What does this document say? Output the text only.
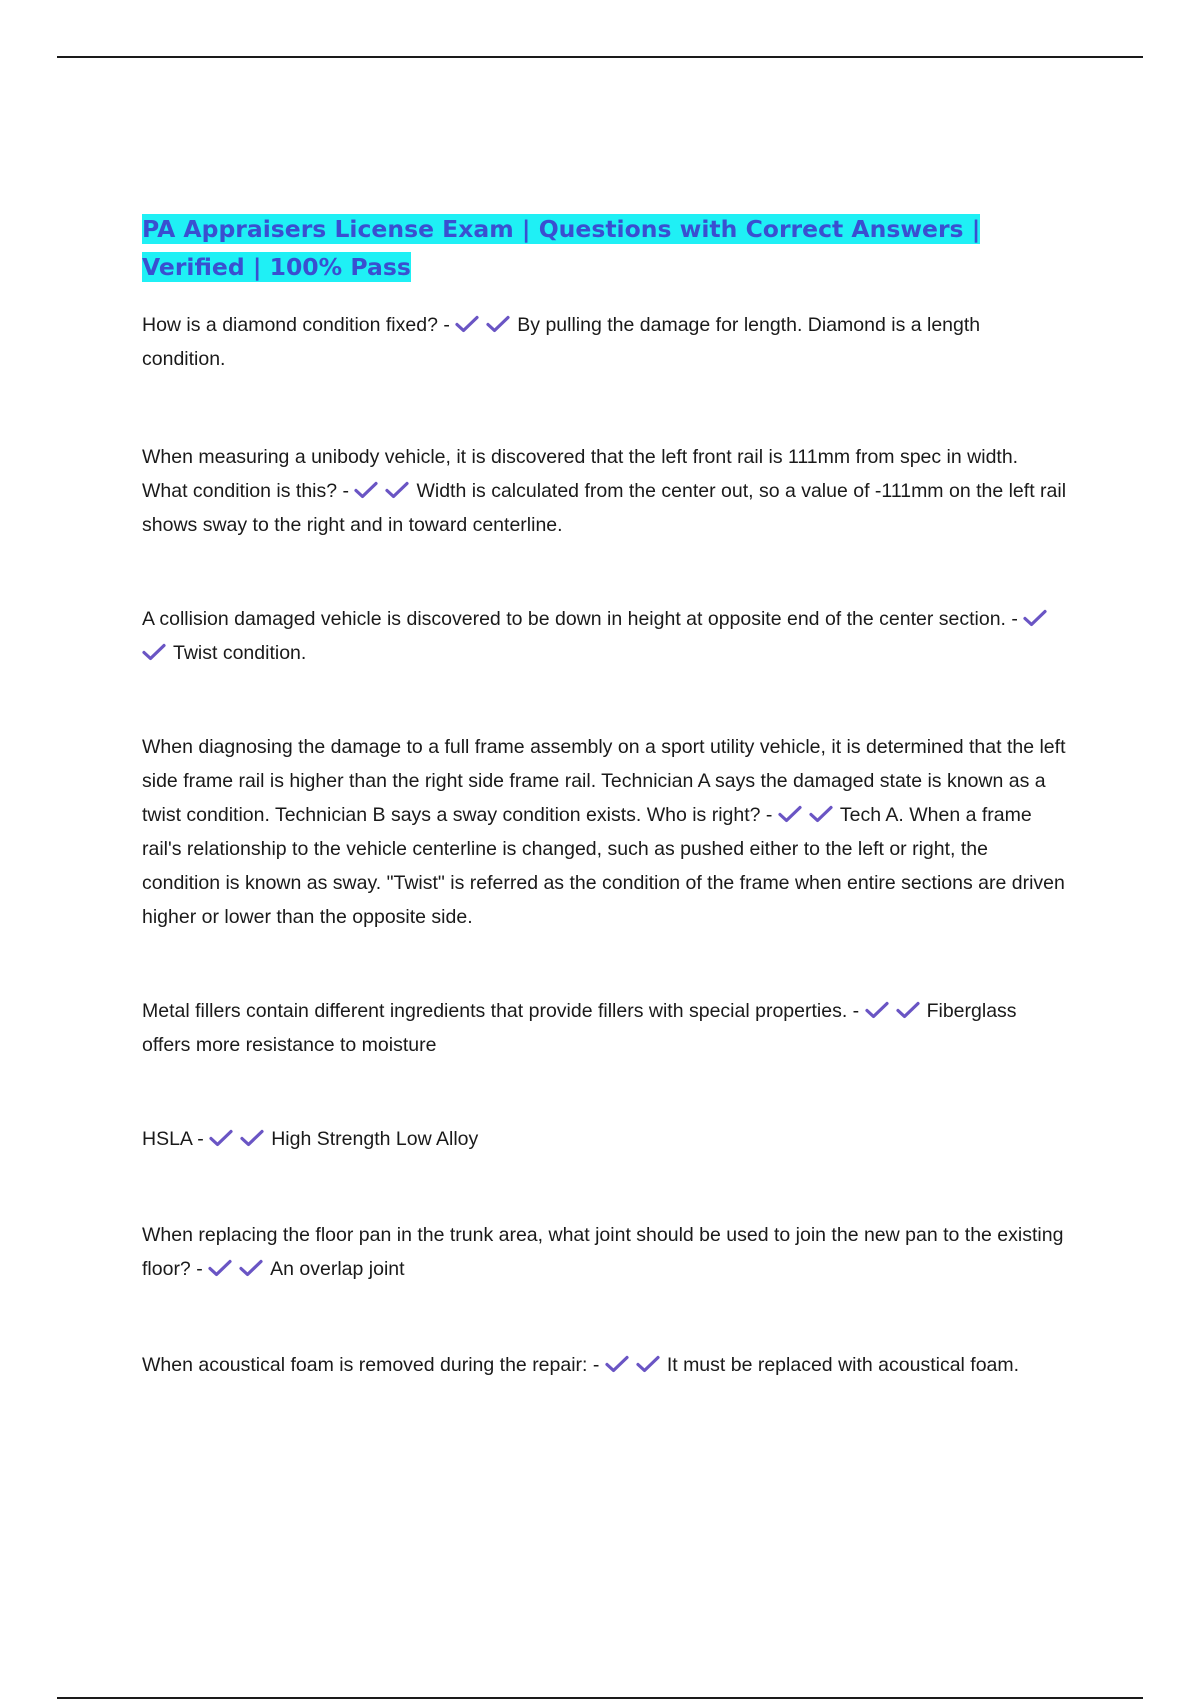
PA Appraisers License Exam | Questions with Correct Answers | Verified | 100% Pass

How is a diamond condition fixed? -	By pulling the damage for length. Diamond is a length condition.

When measuring a unibody vehicle, it is discovered that the left front rail is 111mm from spec in width. What condition is this? -	Width is calculated from the center out, so a value of -111mm on the left rail shows sway to the right and in toward centerline.

A collision damaged vehicle is discovered to be down in height at opposite end of the center section. -
Twist condition.

When diagnosing the damage to a full frame assembly on a sport utility vehicle, it is determined that the left side frame rail is higher than the right side frame rail. Technician A says the damaged state is known as a twist condition. Technician B says a sway condition exists. Who is right? -	Tech A. When a frame rail's relationship to the vehicle centerline is changed, such as pushed either to the left or right, the condition is known as sway. "Twist" is referred as the condition of the frame when entire sections are driven higher or lower than the opposite side.

Metal fillers contain different ingredients that provide fillers with special properties. -	Fiberglass offers more resistance to moisture

HSLA -	High Strength Low Alloy

When replacing the floor pan in the trunk area, what joint should be used to join the new pan to the existing floor? -	An overlap joint

When acoustical foam is removed during the repair: -	It must be replaced with acoustical foam.
